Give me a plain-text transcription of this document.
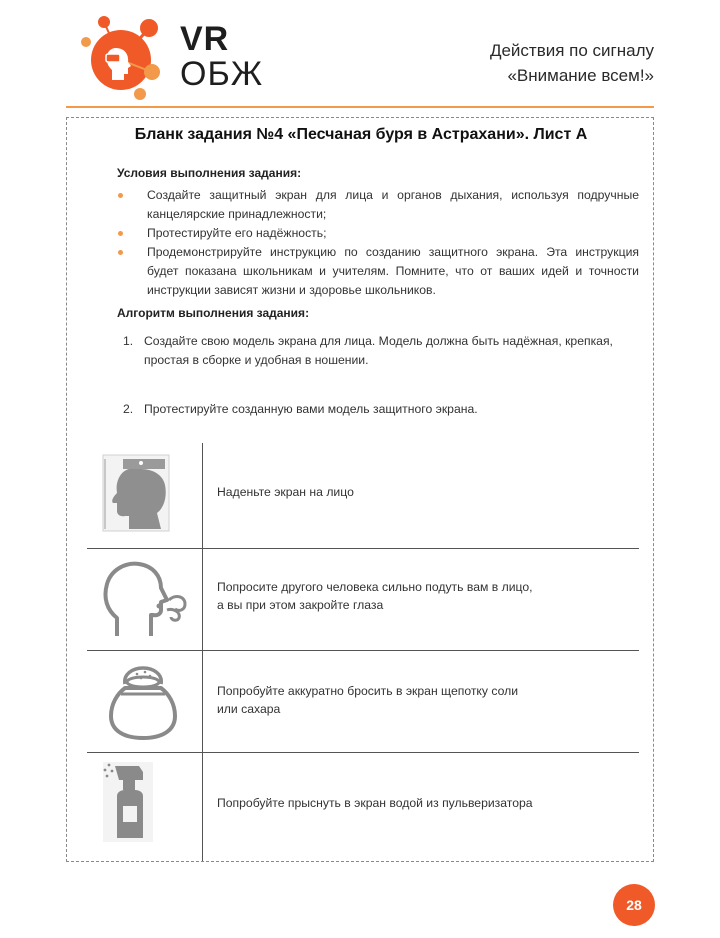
VR
ОБЖ
Действия по сигналу
«Внимание всем!»
Бланк задания №4 «Песчаная буря в Астрахани». Лист А
Условия выполнения задания:
Создайте защитный экран для лица и органов дыхания, используя подручные канцелярские принадлежности;
Протестируйте его надёжность;
Продемонстрируйте инструкцию по созданию защитного экрана. Эта инструкция будет показана школьникам и учителям. Помните, что от ваших идей и точности инструкции зависят жизни и здоровье школьников.
Алгоритм выполнения задания:
1. Создайте свою модель экрана для лица. Модель должна быть надёжная, крепкая, простая в сборке и удобная в ношении.
2. Протестируйте созданную вами модель защитного экрана.
Наденьте экран на лицо
Попросите другого человека сильно подуть вам в лицо,
а вы при этом закройте глаза
Попробуйте аккуратно бросить в экран щепотку соли
или сахара
Попробуйте прыснуть в экран водой из пульверизатора
28
